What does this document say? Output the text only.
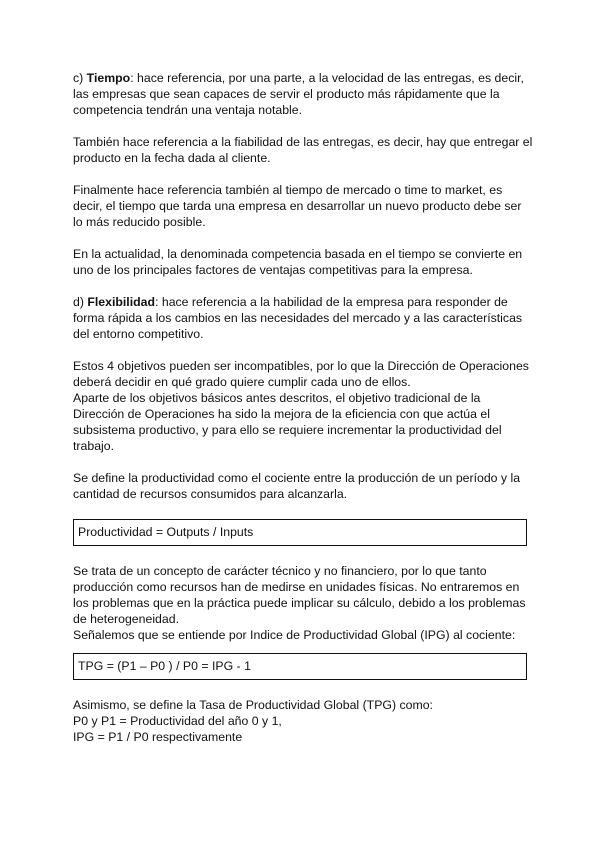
c) Tiempo: hace referencia, por una parte, a la velocidad de las entregas, es decir, las empresas que sean capaces de servir el producto más rápidamente que la competencia tendrán una ventaja notable.

También hace referencia a la fiabilidad de las entregas, es decir, hay que entregar el producto en la fecha dada al cliente.

Finalmente hace referencia también al tiempo de mercado o time to market, es decir, el tiempo que tarda una empresa en desarrollar un nuevo producto debe ser lo más reducido posible.

En la actualidad, la denominada competencia basada en el tiempo se convierte en uno de los principales factores de ventajas competitivas para la empresa.

d) Flexibilidad: hace referencia a la habilidad de la empresa para responder de forma rápida a los cambios en las necesidades del mercado y a las características del entorno competitivo.

Estos 4 objetivos pueden ser incompatibles, por lo que la Dirección de Operaciones deberá decidir en qué grado quiere cumplir cada uno de ellos.

Aparte de los objetivos básicos antes descritos, el objetivo tradicional de la Dirección de Operaciones ha sido la mejora de la eficiencia con que actúa el subsistema productivo, y para ello se requiere incrementar la productividad del trabajo.

Se define la productividad como el cociente entre la producción de un período y la cantidad de recursos consumidos para alcanzarla.

Productividad = Outputs / Inputs

Se trata de un concepto de carácter técnico y no financiero, por lo que tanto producción como recursos han de medirse en unidades físicas. No entraremos en los problemas que en la práctica puede implicar su cálculo, debido a los problemas de heterogeneidad.

Señalemos que se entiende por Indice de Productividad Global (IPG) al cociente:

TPG = (P1 – P0 ) / P0 = IPG - 1

Asimismo, se define la Tasa de Productividad Global (TPG) como:

P0 y P1 = Productividad del año 0 y 1,

IPG = P1 / P0 respectivamente
